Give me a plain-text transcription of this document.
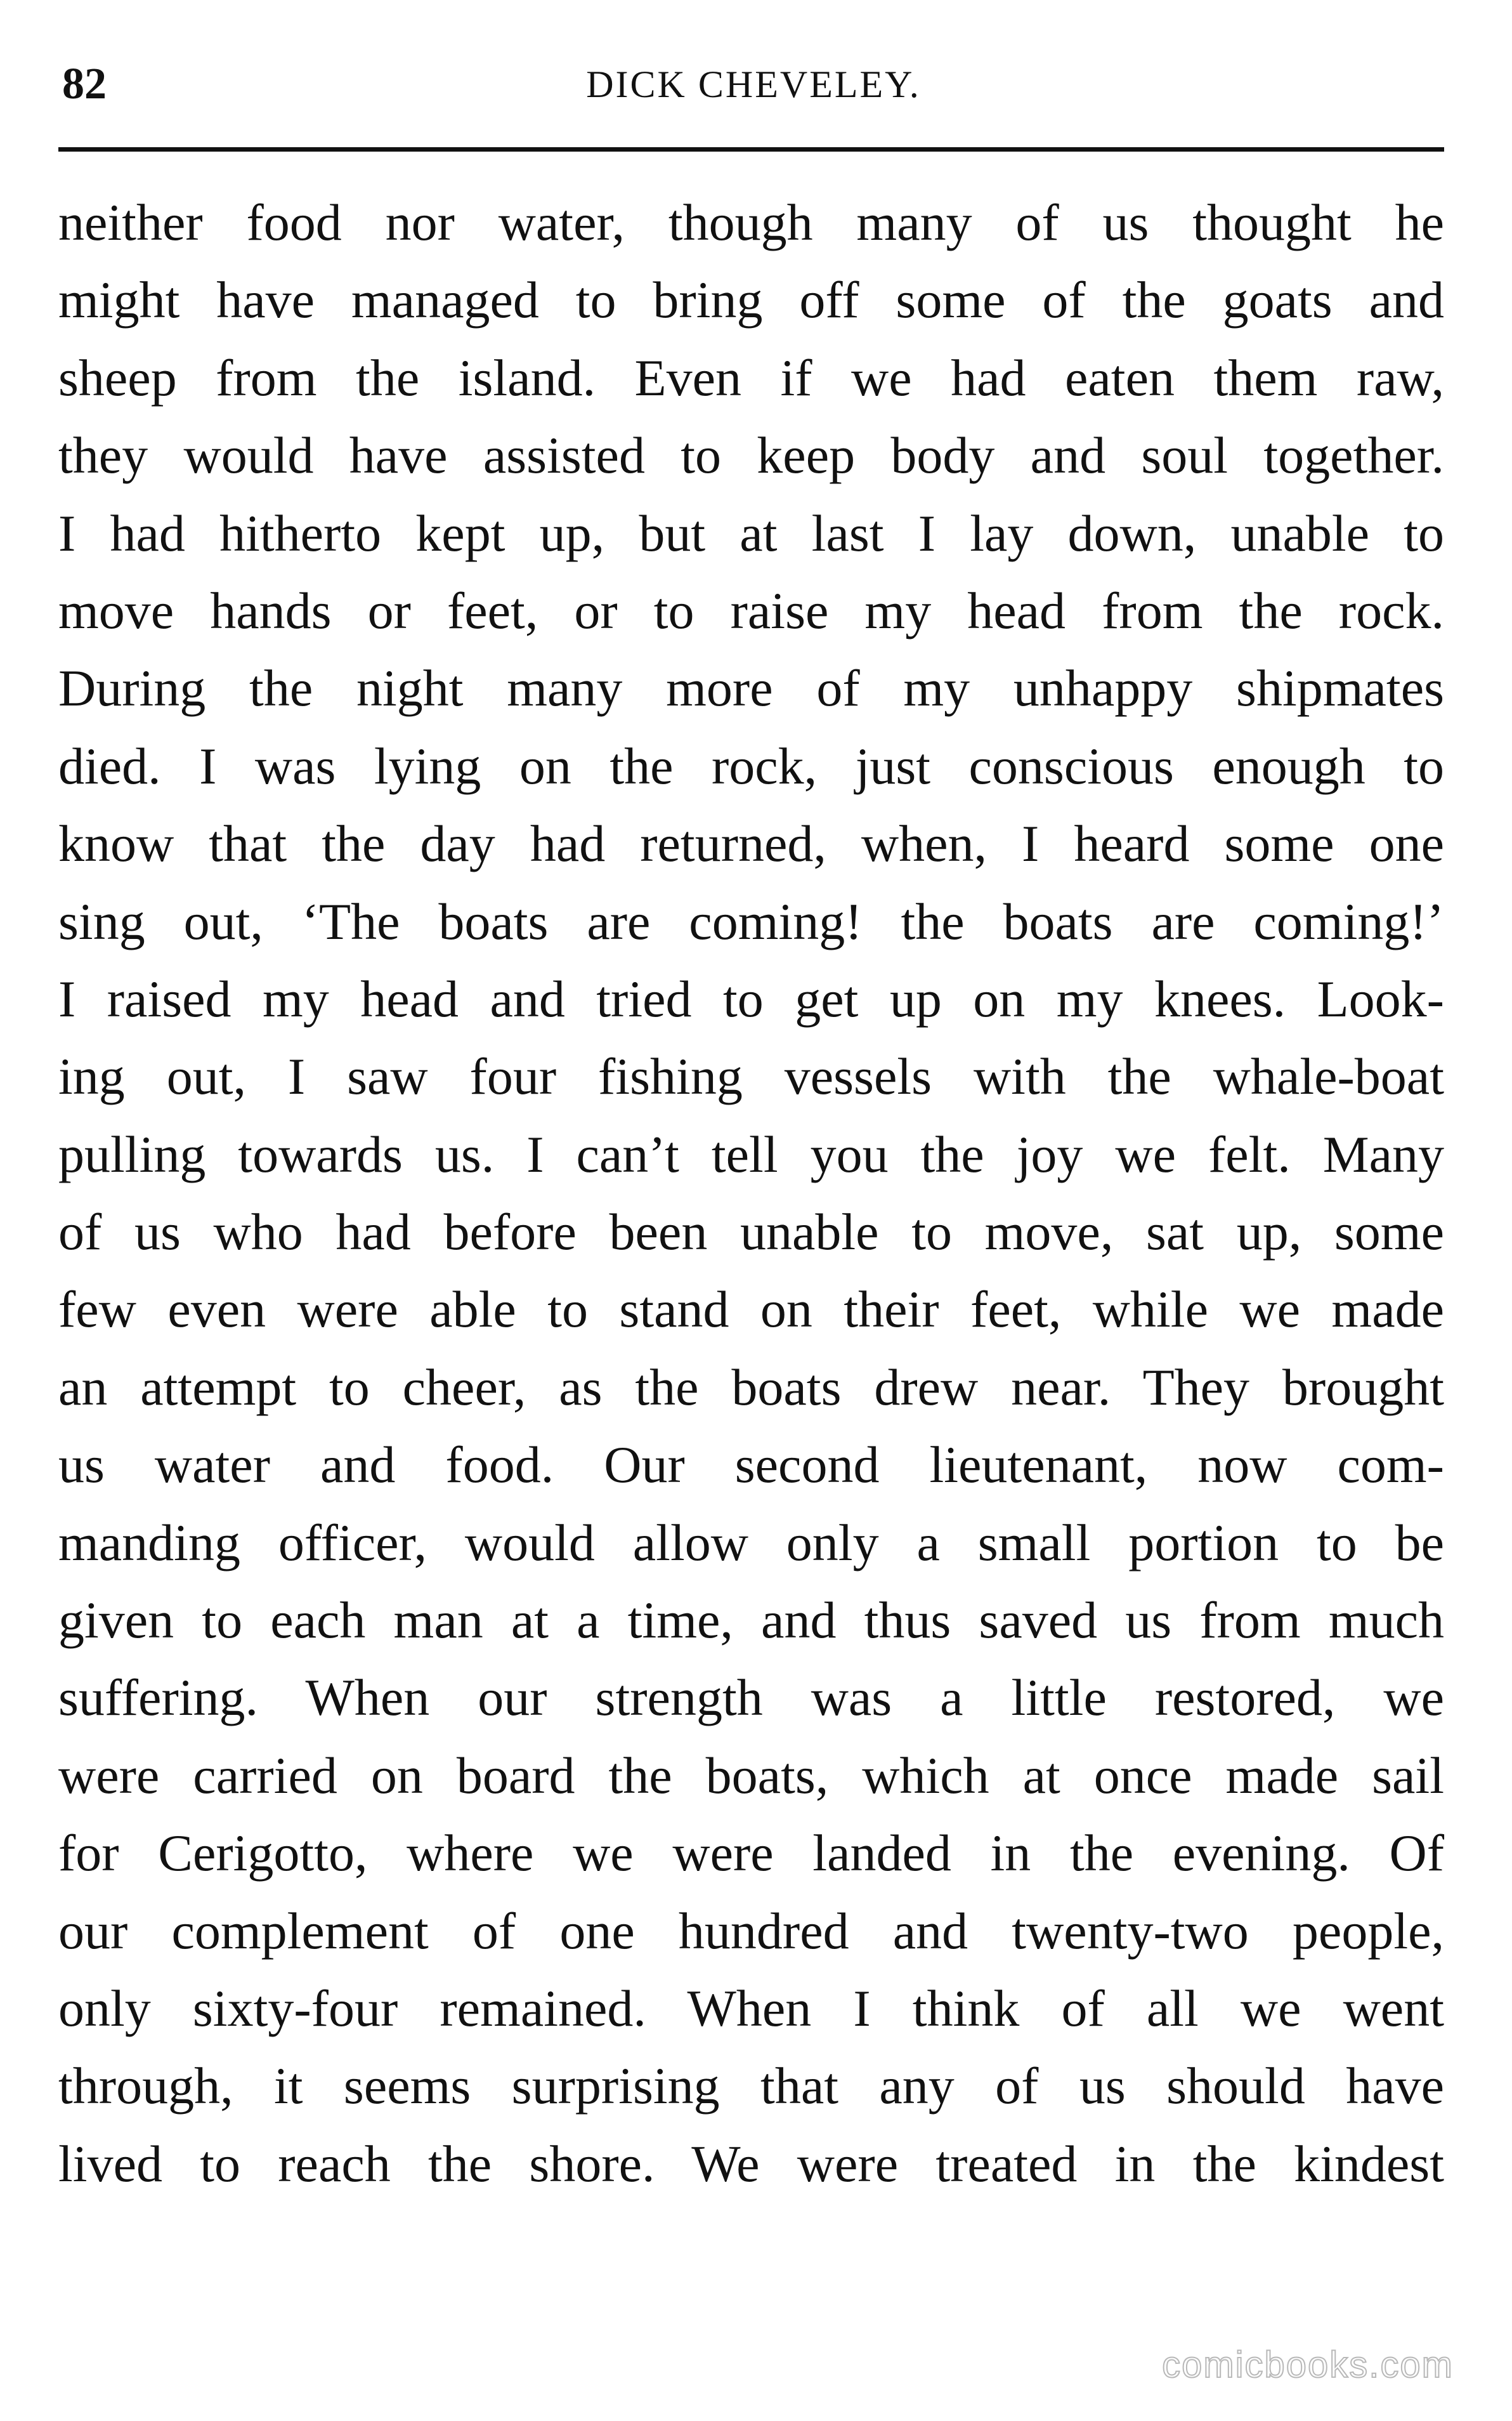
82	DICK CHEVELEY.
neither food nor water, though many of us thought he
might have managed to bring off some of the goats and
sheep from the island. Even if we had eaten them raw,
they would have assisted to keep body and soul together.
I had hitherto kept up, but at last I lay down, unable to
move hands or feet, or to raise my head from the rock.
During the night many more of my unhappy shipmates
died. I was lying on the rock, just conscious enough to
know that the day had returned, when, I heard some one
sing out, ‘The boats are coming! the boats are coming!’
I raised my head and tried to get up on my knees. Look-
ing out, I saw four fishing vessels with the whale-boat
pulling towards us. I can’t tell you the joy we felt. Many
of us who had before been unable to move, sat up, some
few even were able to stand on their feet, while we made
an attempt to cheer, as the boats drew near. They brought
us water and food. Our second lieutenant, now com-
manding officer, would allow only a small portion to be
given to each man at a time, and thus saved us from much
suffering. When our strength was a little restored, we
were carried on board the boats, which at once made sail
for Cerigotto, where we were landed in the evening. Of
our complement of one hundred and twenty-two people,
only sixty-four remained. When I think of all we went
through, it seems surprising that any of us should have
lived to reach the shore. We were treated in the kindest
comicbooks.com
